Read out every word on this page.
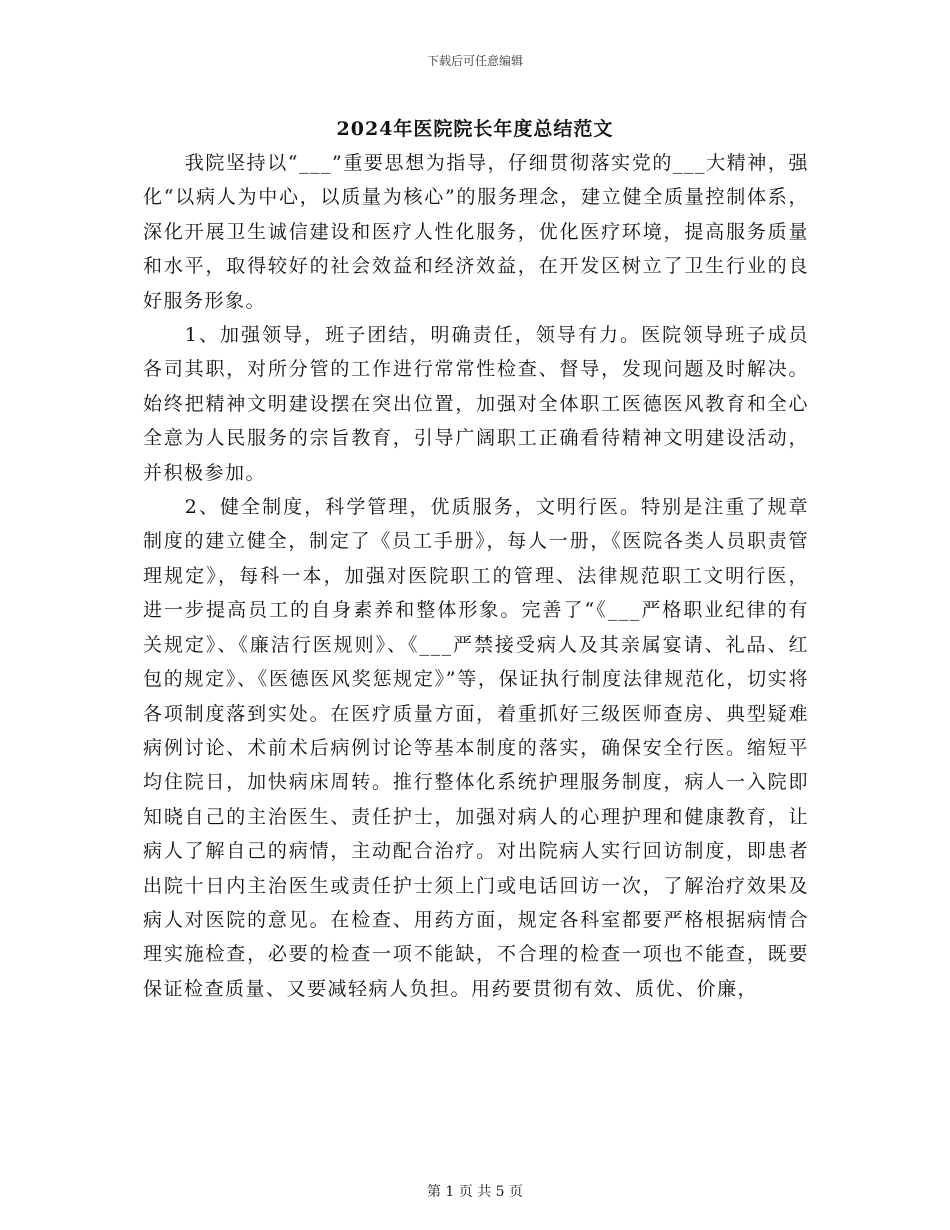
下载后可任意编辑
2024年医院院长年度总结范文

我院坚持以“___”重要思想为指导，仔细贯彻落实党的___大精神，强化“以病人为中心，以质量为核心”的服务理念，建立健全质量控制体系，深化开展卫生诚信建设和医疗人性化服务，优化医疗环境，提高服务质量和水平，取得较好的社会效益和经济效益，在开发区树立了卫生行业的良好服务形象。

1、加强领导，班子团结，明确责任，领导有力。医院领导班子成员各司其职，对所分管的工作进行常常性检查、督导，发现问题及时解决。始终把精神文明建设摆在突出位置，加强对全体职工医德医风教育和全心全意为人民服务的宗旨教育，引导广阔职工正确看待精神文明建设活动，并积极参加。

2、健全制度，科学管理，优质服务，文明行医。特别是注重了规章制度的建立健全，制定了《员工手册》，每人一册，《医院各类人员职责管理规定》，每科一本，加强对医院职工的管理、法律规范职工文明行医，进一步提高员工的自身素养和整体形象。完善了“《___严格职业纪律的有关规定》、《廉洁行医规则》、《___严禁接受病人及其亲属宴请、礼品、红包的规定》、《医德医风奖惩规定》”等，保证执行制度法律规范化，切实将各项制度落到实处。在医疗质量方面，着重抓好三级医师查房、典型疑难病例讨论、术前术后病例讨论等基本制度的落实，确保安全行医。缩短平均住院日，加快病床周转。推行整体化系统护理服务制度，病人一入院即知晓自己的主治医生、责任护士，加强对病人的心理护理和健康教育，让病人了解自己的病情，主动配合治疗。对出院病人实行回访制度，即患者出院十日内主治医生或责任护士须上门或电话回访一次，了解治疗效果及病人对医院的意见。在检查、用药方面，规定各科室都要严格根据病情合理实施检查，必要的检查一项不能缺，不合理的检查一项也不能查，既要保证检查质量、又要减轻病人负担。用药要贯彻有效、质优、价廉，

第 1 页 共 5 页
